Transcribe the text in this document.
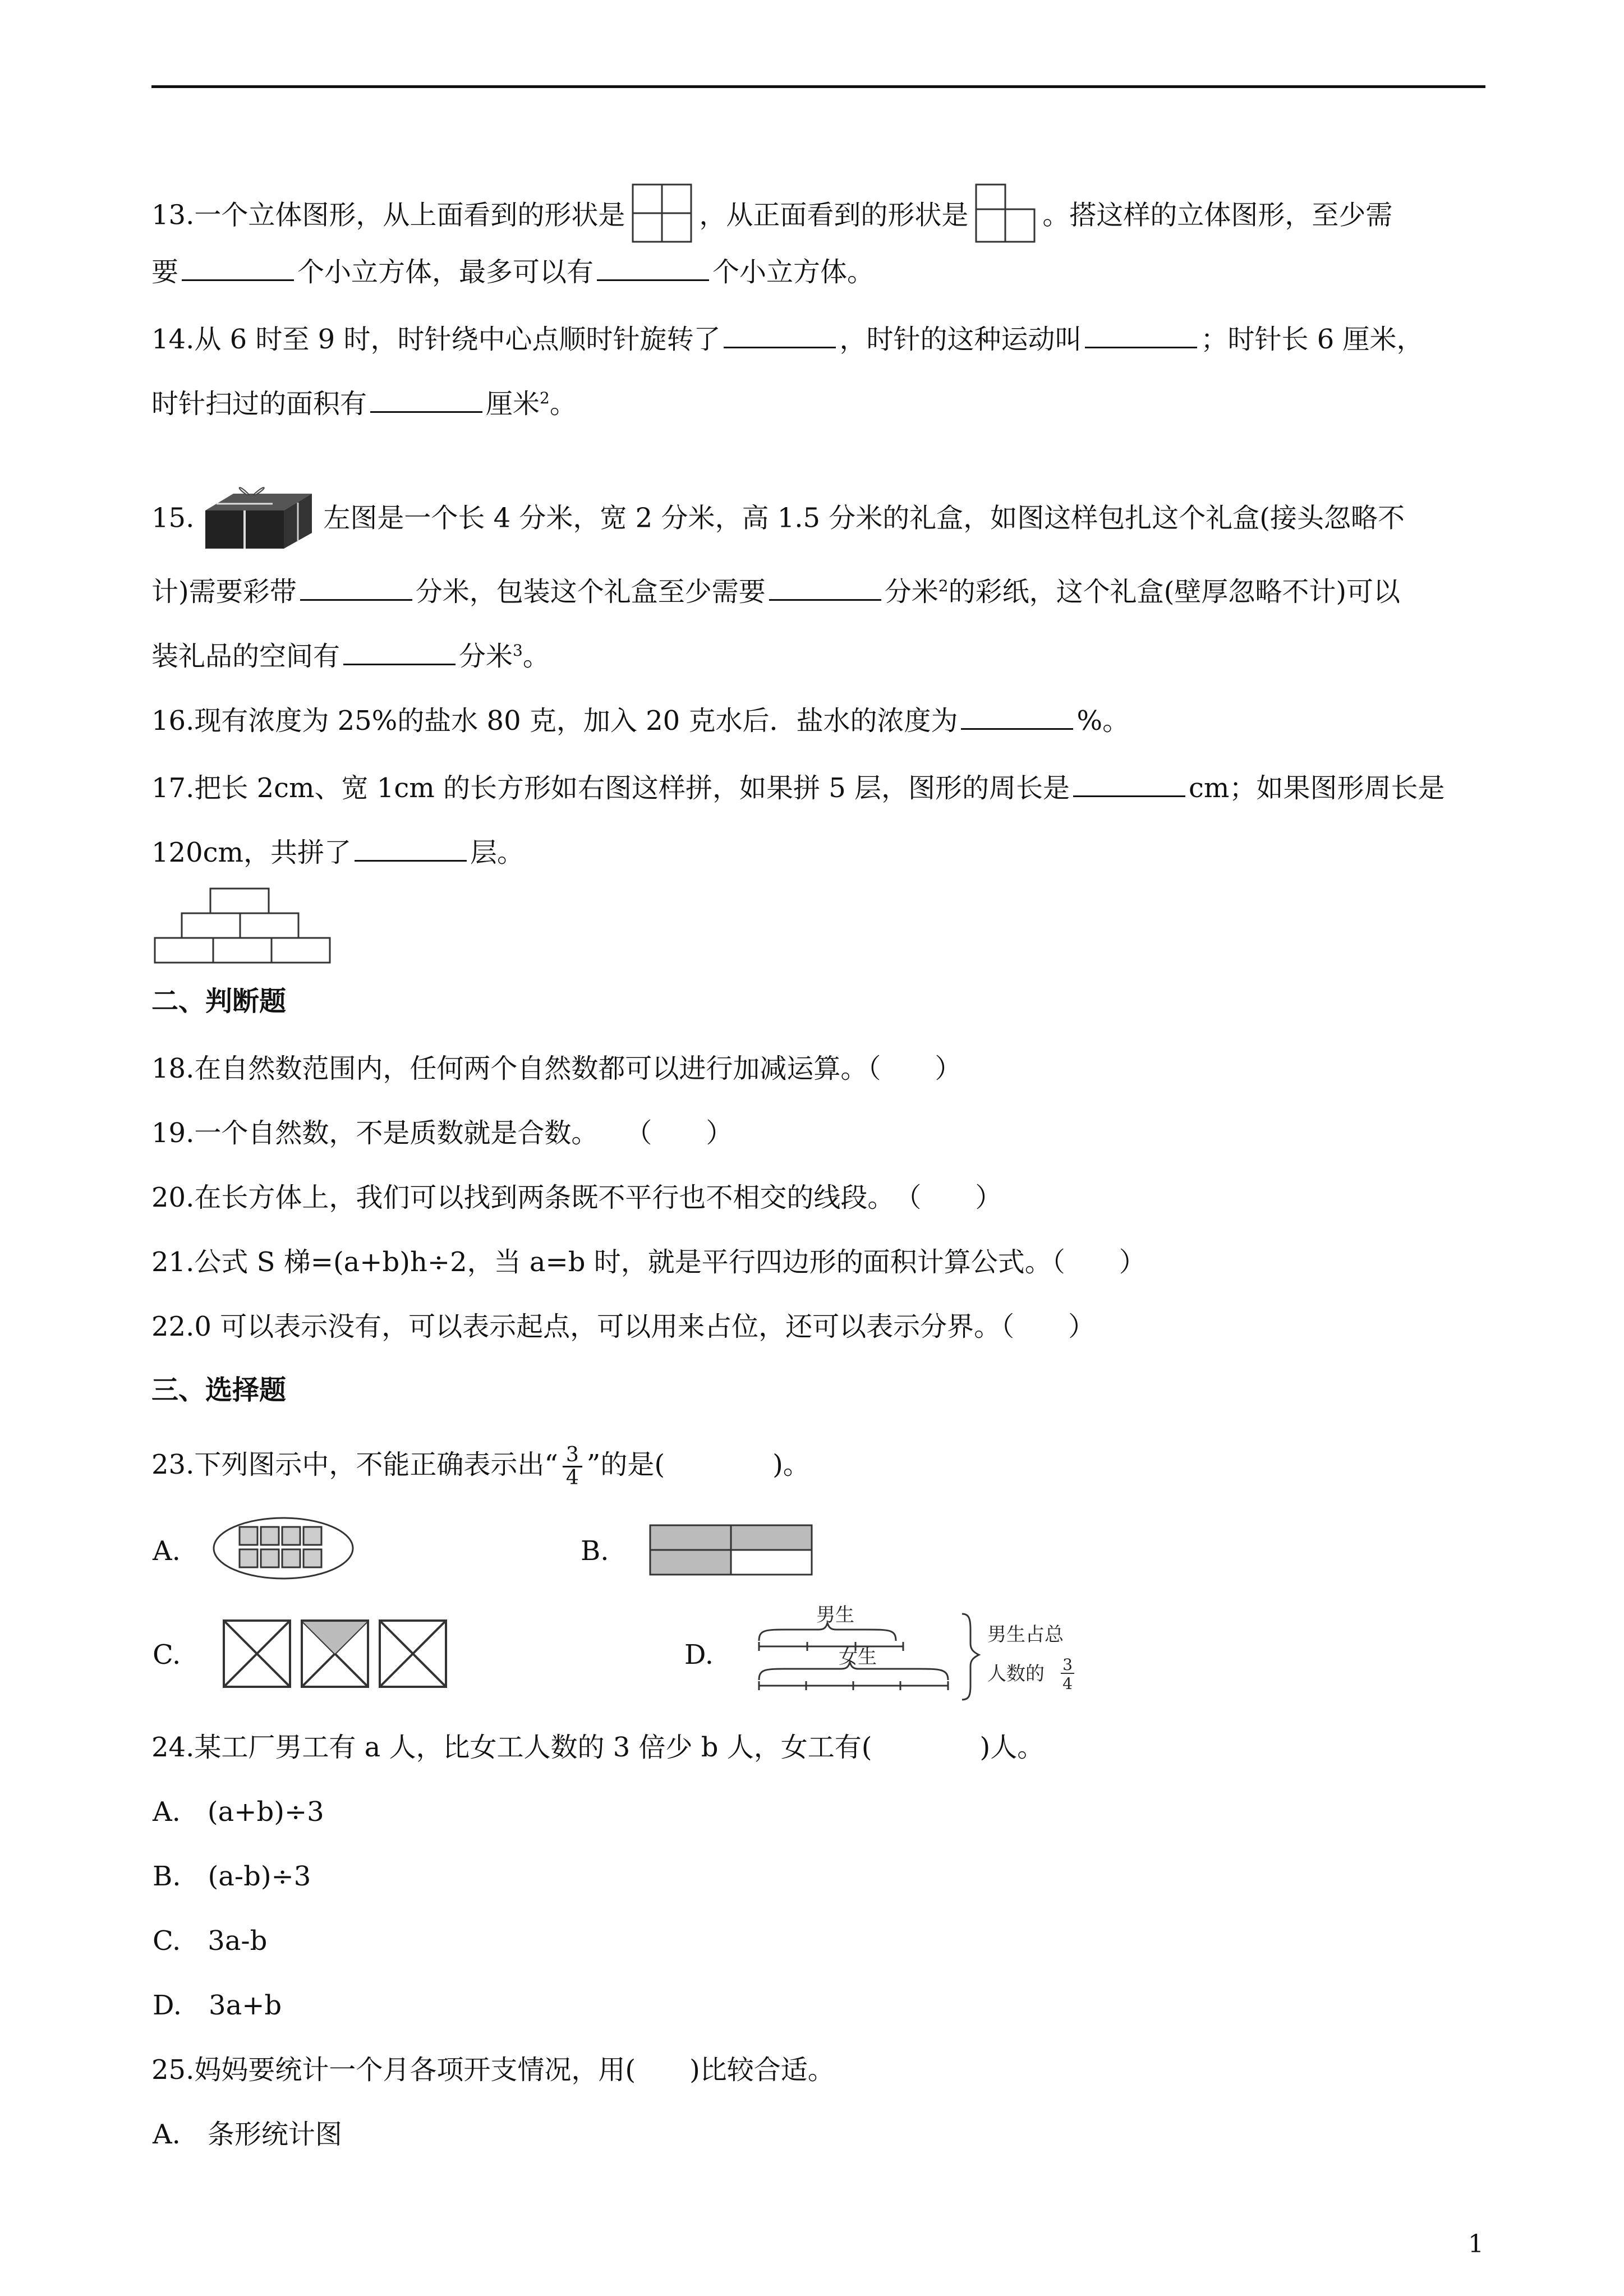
13.一个立体图形，从上面看到的形状是	，从正面看到的形状是	。搭这样的立体图形，至少需
要	个小立方体，最多可以有	个小立方体。
14.从 6 时至 9 时，时针绕中心点顺时针旋转了	，时针的这种运动叫	；时针长 6 厘米，
时针扫过的面积有	厘米$^2$。
15.	左图是一个长 4 分米，宽 2 分米，高 1.5 分米的礼盒，如图这样包扎这个礼盒(接头忽略不
计)需要彩带	分米，包装这个礼盒至少需要	分米$^2$的彩纸，这个礼盒(壁厚忽略不计)可以
装礼品的空间有	分米$^3$。
16.现有浓度为 25%的盐水 80 克，加入 20 克水后．盐水的浓度为	%。
17.把长 2cm、宽 1cm 的长方形如右图这样拼，如果拼 5 层，图形的周长是	cm；如果图形周长是
120cm，共拼了	层。
二、判断题
18.在自然数范围内，任何两个自然数都可以进行加减运算。（　　）
19.一个自然数，不是质数就是合数。　　（　　）
20.在长方体上，我们可以找到两条既不平行也不相交的线段。　（　　）
21.公式 S 梯=(a+b)h÷2，当 a=b 时，就是平行四边形的面积计算公式。（　　）
22.0 可以表示没有，可以表示起点，可以用来占位，还可以表示分界。（　　）
三、选择题
23.下列图示中，不能正确表示出“ $\frac{3}{4}$ ”的是(　　　　)。
A.	B.
C.	D.
男生
女生
男生占总
人数的 3
4
24.某工厂男工有 a 人，比女工人数的 3 倍少 b 人，女工有(　　　　)人。
A.　(a+b)÷3
B.　(a-b)÷3
C.　3a-b
D.　3a+b
25.妈妈要统计一个月各项开支情况，用(　　)比较合适。
A.　条形统计图
1
